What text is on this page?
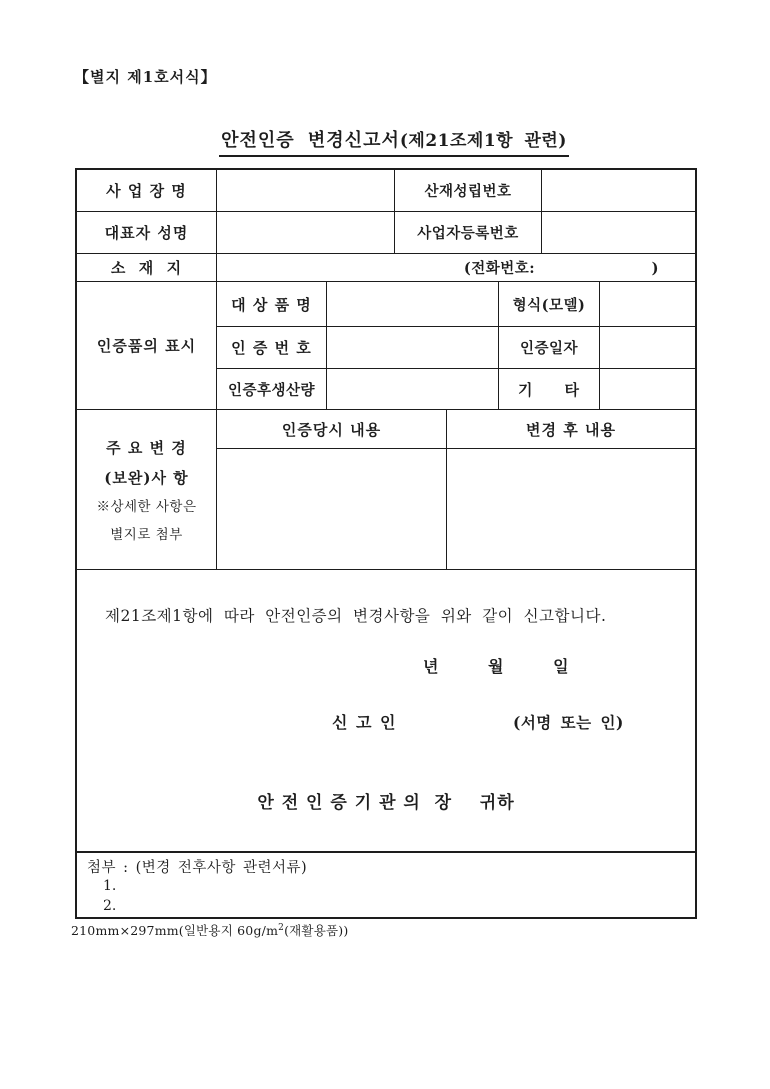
【별지 제1호서식】
안전인증 변경신고서(제21조제1항 관련)
사 업 장 명	산재성립번호
대표자 성명	사업자등록번호
소  재  지	(전화번호:                     )
인증품의 표시
대 상 품 명	형식(모델)
인 증 번 호	인증일자
인증후생산량	기     타
주 요 변 경
(보완)사 항
※상세한 사항은
별지로 첨부
인증당시 내용	변경 후 내용
제21조제1항에 따라 안전인증의 변경사항을 위와 같이 신고합니다.
년	월	일
신 고 인	(서명 또는 인)
안 전 인 증 기 관 의  장    귀하
첨부 : (변경 전후사항 관련서류)
1.
2.
210mm×297mm(일반용지 $60g/m^2$(재활용품))
